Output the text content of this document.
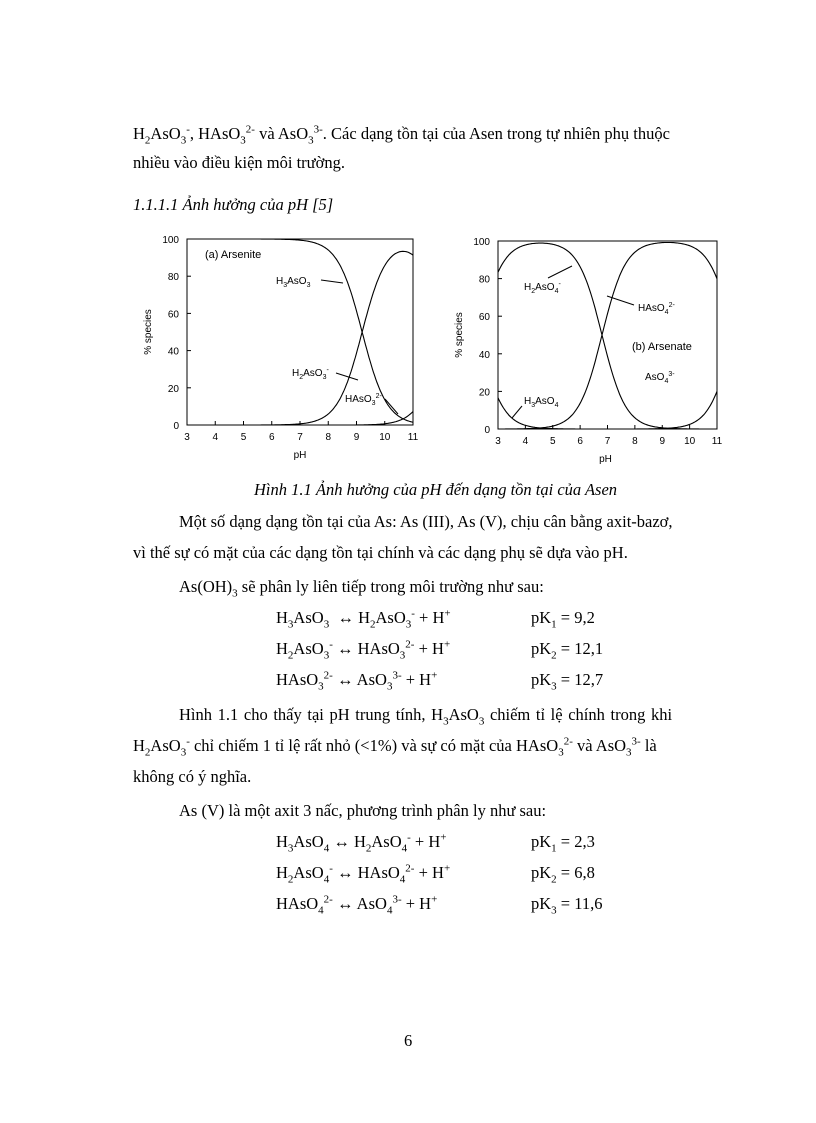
$H_2AsO_3^-$, HAsO$_3^{2-}$ và AsO$_3^{3-}$. Các dạng tồn tại của Asen trong tự nhiên phụ thuộc
nhiều vào điều kiện môi trường.
1.1.1.1 Ảnh hưởng của pH [5]
3 4 5 6 7 8 9 10 11
0
20
40
60
80
100
pH
% species
(a) Arsenite
$H_3AsO_3$
$H_2AsO_3^-$
HAsO$_3^{2-}$
3 4 5 6 7 8 9 10 11
0
20
40
60
80
100
pH
% species	(b) Arsenate
$H_2AsO_4^-$
HAsO$_4^{2-}$
$H_3AsO_4$
AsO$_4^{3-}$
Hình 1.1 Ảnh hưởng của pH đến dạng tồn tại của Asen
Một số dạng dạng tồn tại của As: As (III), As (V), chịu cân bằng axit-bazơ,
vì thế sự có mặt của các dạng tồn tại chính và các dạng phụ sẽ dựa vào pH.
$As(OH)_3$ sẽ phân ly liên tiếp trong môi trường như sau:
$H_3AsO_3$  ↔ $H_2AsO_3^- + H^+$	$pK_1 = 9,2$
$H_2AsO_3^-$ ↔ HAsO$_3^{2-}$ + H+	$pK_2 = 12,1$
HAsO$_3^{2-}$ ↔ AsO$_3^{3-}$ + H+	$pK_3 = 12,7$
Hình 1.1 cho thấy tại pH trung tính, $H_3AsO_3$ chiếm tỉ lệ chính trong khi
$H_2AsO_3^-$ chỉ chiếm 1 tỉ lệ rất nhỏ (<1%) và sự có mặt của HAsO$_3^{2-}$ và AsO$_3^{3-}$ là
không có ý nghĩa.
As (V) là một axit 3 nấc, phương trình phân ly như sau:
$H_3AsO_4$ ↔ $H_2AsO_4^- + H^+$	$pK_1 = 2,3$
$H_2AsO_4^-$ ↔ HAsO$_4^{2-}$ + H+	$pK_2 = 6,8$
HAsO$_4^{2-}$ ↔ AsO$_4^{3-}$ + H+	$pK_3 = 11,6$
6
